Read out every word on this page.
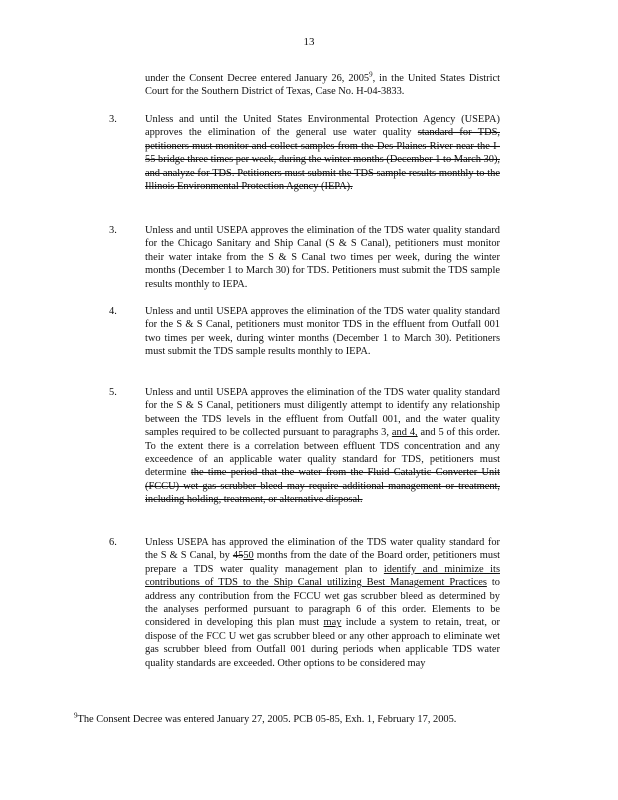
13
under the Consent Decree entered January 26, 2005$^9$, in the United States District Court for the Southern District of Texas, Case No. H-04-3833.
3.	Unless and until the United States Environmental Protection Agency (USEPA) approves the elimination of the general use water quality standard for TDS, petitioners must monitor and collect samples from the Des Plaines River near the I-55 bridge three times per week, during the winter months (December 1 to March 30), and analyze for TDS. Petitioners must submit the TDS sample results monthly to the Illinois Environmental Protection Agency (IEPA).
3.	Unless and until USEPA approves the elimination of the TDS water quality standard for the Chicago Sanitary and Ship Canal (S & S Canal), petitioners must monitor their water intake from the S & S Canal two times per week, during the winter months (December 1 to March 30) for TDS. Petitioners must submit the TDS sample results monthly to IEPA.
4.	Unless and until USEPA approves the elimination of the TDS water quality standard for the S & S Canal, petitioners must monitor TDS in the effluent from Outfall 001 two times per week, during winter months (December 1 to March 30). Petitioners must submit the TDS sample results monthly to IEPA.
5.	Unless and until USEPA approves the elimination of the TDS water quality standard for the S & S Canal, petitioners must diligently attempt to identify any relationship between the TDS levels in the effluent from Outfall 001, and the water quality samples required to be collected pursuant to paragraphs 3, and 4, and 5 of this order. To the extent there is a correlation between effluent TDS concentration and any exceedence of an applicable water quality standard for TDS, petitioners must determine the time period that the water from the Fluid Catalytic Converter Unit (FCCU) wet gas scrubber bleed may require additional management or treatment, including holding, treatment, or alternative disposal.
6.	Unless USEPA has approved the elimination of the TDS water quality standard for the S & S Canal, by 4550 months from the date of the Board order, petitioners must prepare a TDS water quality management plan to identify and minimize its contributions of TDS to the Ship Canal utilizing Best Management Practices to address any contribution from the FCCU wet gas scrubber bleed as determined by the analyses performed pursuant to paragraph 6 of this order. Elements to be considered in developing this plan must may include a system to retain, treat, or dispose of the FCC U wet gas scrubber bleed or any other approach to eliminate wet gas scrubber bleed from Outfall 001 during periods when applicable TDS water quality standards are exceeded. Other options to be considered may
$^9$The Consent Decree was entered January 27, 2005. PCB 05-85, Exh. 1, February 17, 2005.
